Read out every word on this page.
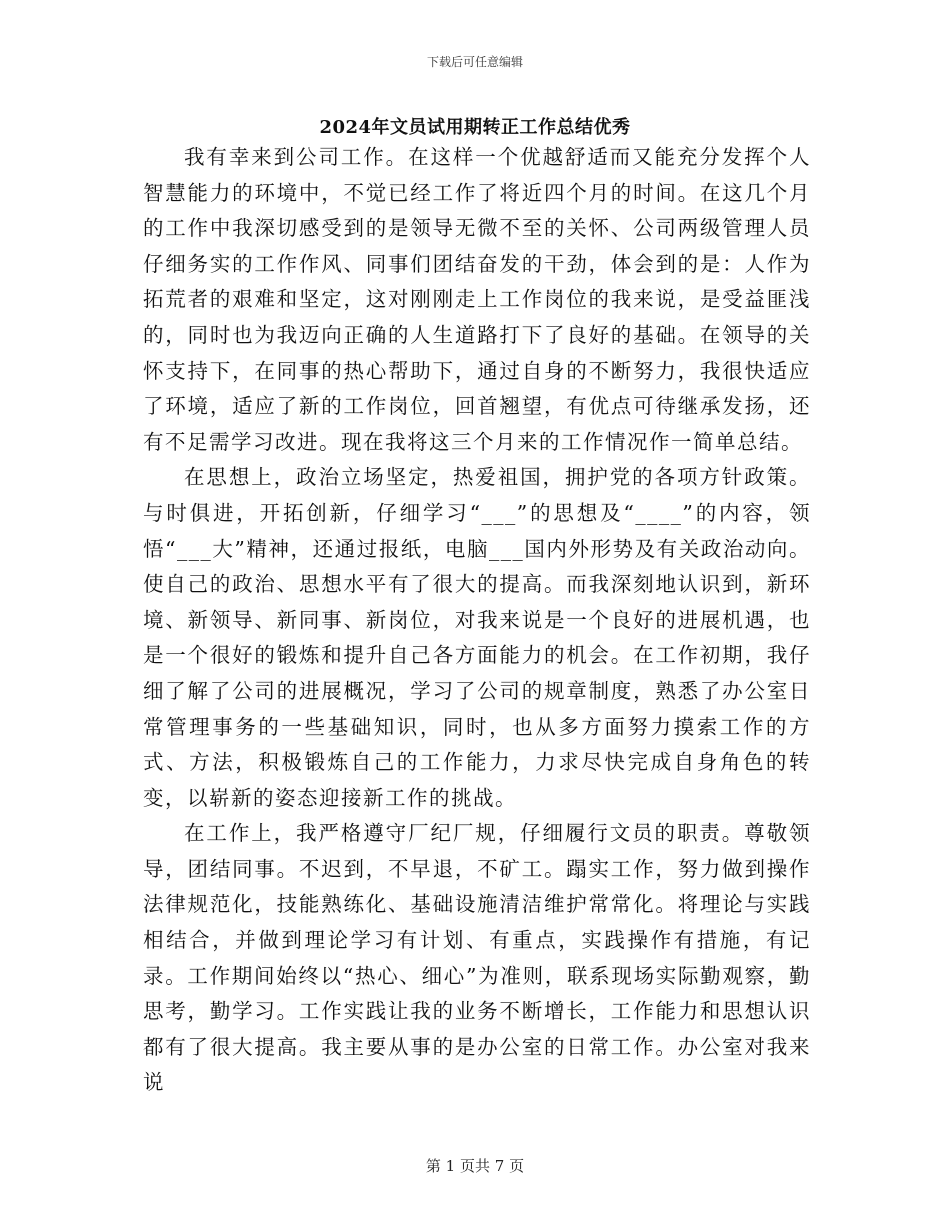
下载后可任意编辑
2024年文员试用期转正工作总结优秀

我有幸来到公司工作。在这样一个优越舒适而又能充分发挥个人智慧能力的环境中，不觉已经工作了将近四个月的时间。在这几个月的工作中我深切感受到的是领导无微不至的关怀、公司两级管理人员仔细务实的工作作风、同事们团结奋发的干劲，体会到的是：人作为拓荒者的艰难和坚定，这对刚刚走上工作岗位的我来说，是受益匪浅的，同时也为我迈向正确的人生道路打下了良好的基础。在领导的关怀支持下，在同事的热心帮助下，通过自身的不断努力，我很快适应了环境，适应了新的工作岗位，回首翘望，有优点可待继承发扬，还有不足需学习改进。现在我将这三个月来的工作情况作一简单总结。

在思想上，政治立场坚定，热爱祖国，拥护党的各项方针政策。与时俱进，开拓创新，仔细学习“___”的思想及“____”的内容，领悟“___大”精神，还通过报纸，电脑___国内外形势及有关政治动向。使自己的政治、思想水平有了很大的提高。而我深刻地认识到，新环境、新领导、新同事、新岗位，对我来说是一个良好的进展机遇，也是一个很好的锻炼和提升自己各方面能力的机会。在工作初期，我仔细了解了公司的进展概况，学习了公司的规章制度，熟悉了办公室日常管理事务的一些基础知识，同时，也从多方面努力摸索工作的方式、方法，积极锻炼自己的工作能力，力求尽快完成自身角色的转变，以崭新的姿态迎接新工作的挑战。

在工作上，我严格遵守厂纪厂规，仔细履行文员的职责。尊敬领导，团结同事。不迟到，不早退，不矿工。蹋实工作，努力做到操作法律规范化，技能熟练化、基础设施清洁维护常常化。将理论与实践相结合，并做到理论学习有计划、有重点，实践操作有措施，有记录。工作期间始终以“热心、细心”为准则，联系现场实际勤观察，勤思考，勤学习。工作实践让我的业务不断增长，工作能力和思想认识都有了很大提高。我主要从事的是办公室的日常工作。办公室对我来说

第 1 页共 7 页
